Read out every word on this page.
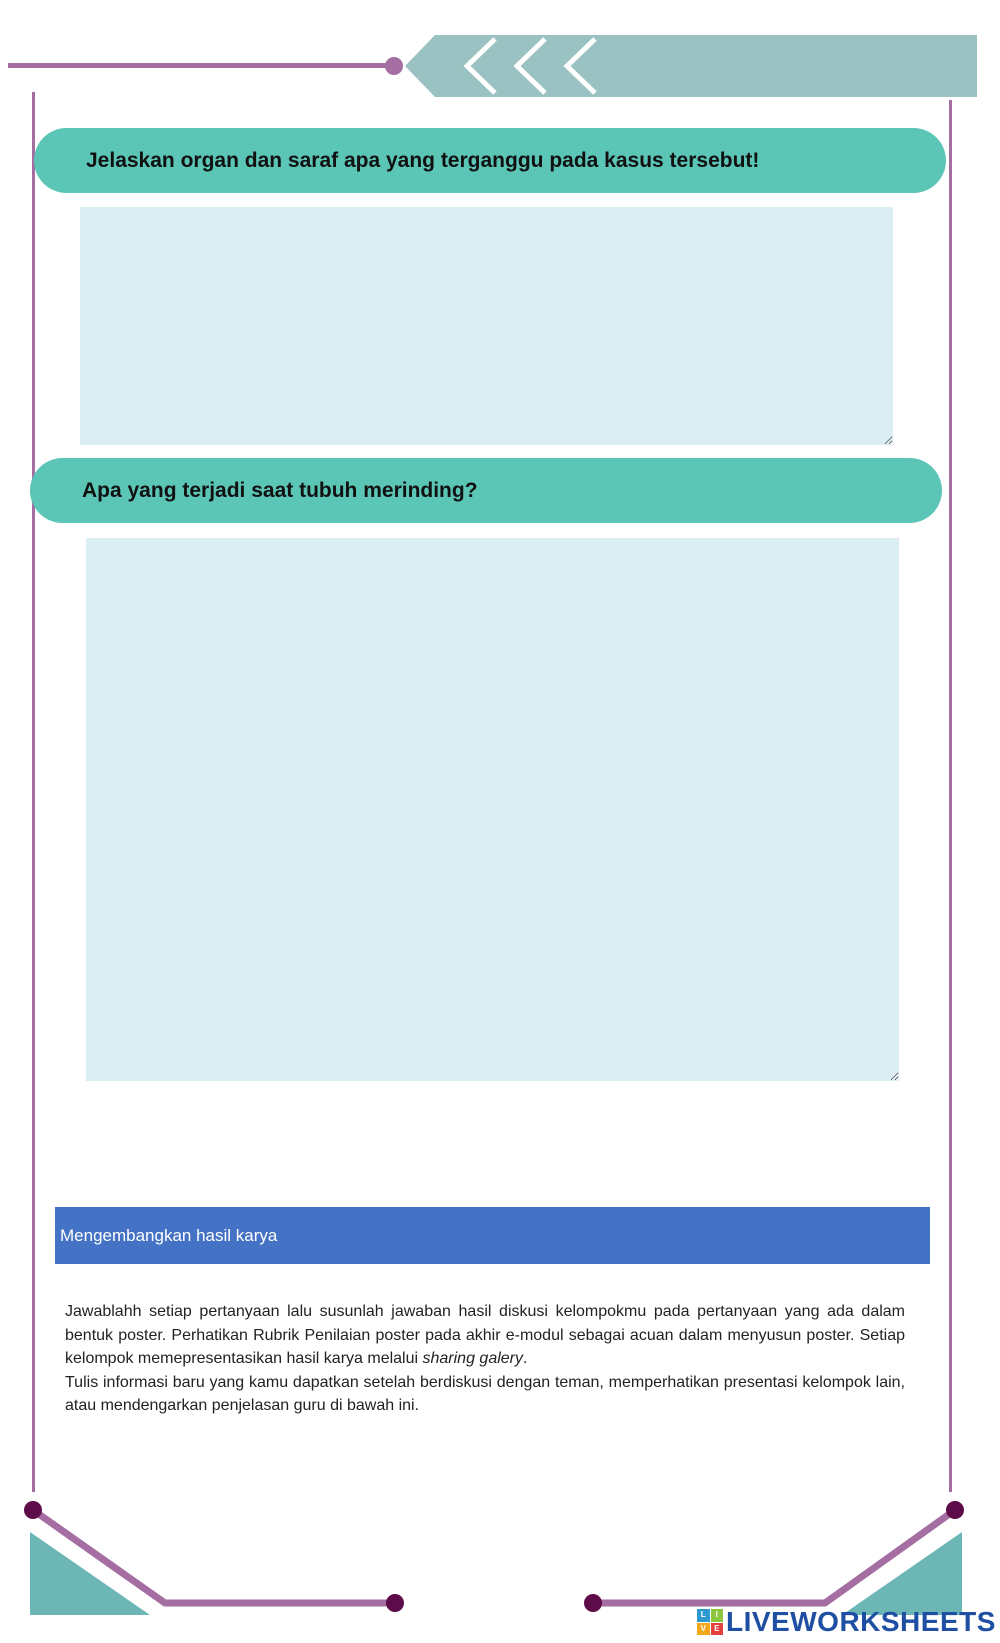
Jelaskan organ dan saraf apa yang terganggu pada kasus tersebut!
Apa yang terjadi saat tubuh merinding?
Mengembangkan hasil karya

Jawablahh setiap pertanyaan lalu susunlah jawaban hasil diskusi kelompokmu pada pertanyaan yang ada dalam bentuk poster. Perhatikan Rubrik Penilaian poster pada akhir e-modul sebagai acuan dalam menyusun poster. Setiap kelompok memepresentasikan hasil karya melalui sharing galery.

Tulis informasi baru yang kamu dapatkan setelah berdiskusi dengan teman, memperhatikan presentasi kelompok lain, atau mendengarkan penjelasan guru di bawah ini.

L	I
V	E LIVEWORKSHEETS
